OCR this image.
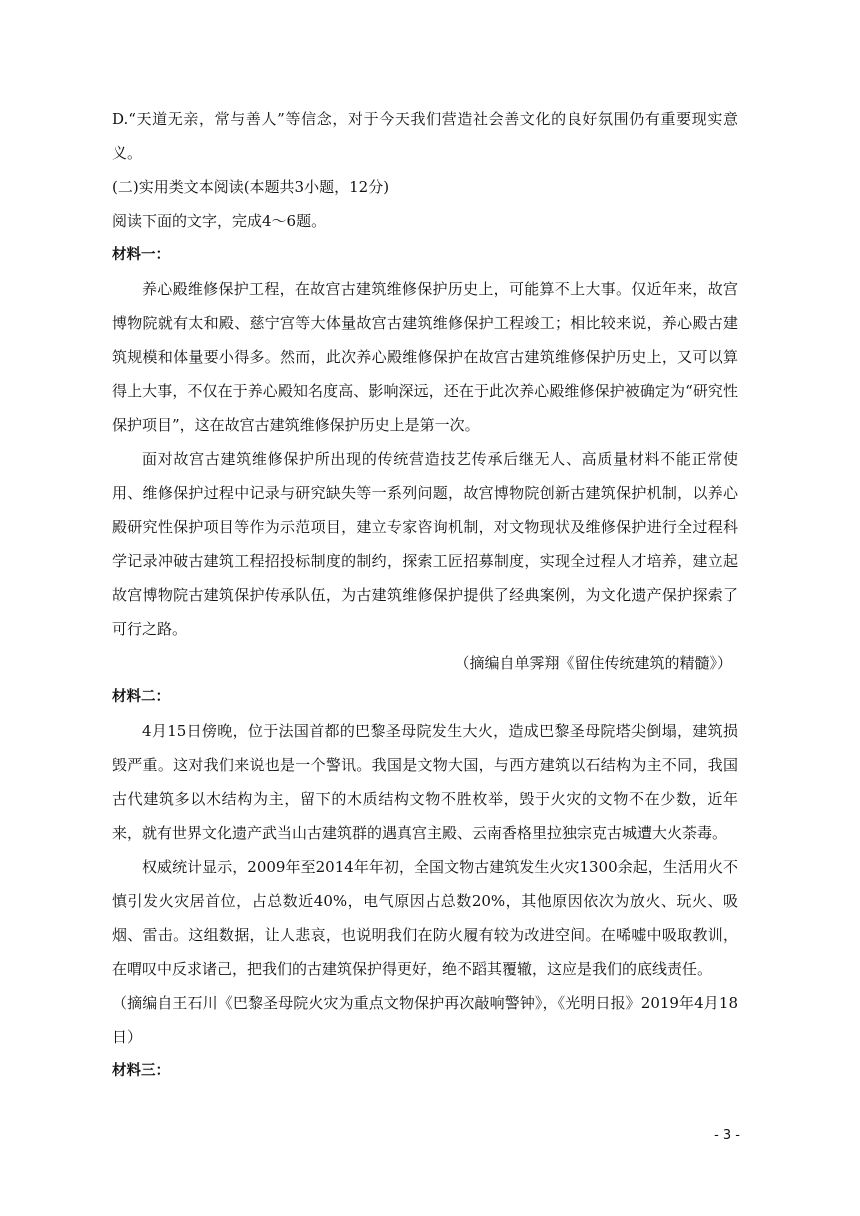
D.“天道无亲，常与善人”等信念，对于今天我们营造社会善文化的良好氛围仍有重要现实意义。

(二)实用类文本阅读(本题共3小题，12分)

阅读下面的文字，完成4～6题。

材料一：

养心殿维修保护工程，在故宫古建筑维修保护历史上，可能算不上大事。仅近年来，故宫博物院就有太和殿、慈宁宫等大体量故宫古建筑维修保护工程竣工；相比较来说，养心殿古建筑规模和体量要小得多。然而，此次养心殿维修保护在故宫古建筑维修保护历史上，又可以算得上大事，不仅在于养心殿知名度高、影响深远，还在于此次养心殿维修保护被确定为“研究性保护项目”，这在故宫古建筑维修保护历史上是第一次。

面对故宫古建筑维修保护所出现的传统营造技艺传承后继无人、高质量材料不能正常使用、维修保护过程中记录与研究缺失等一系列问题，故宫博物院创新古建筑保护机制，以养心殿研究性保护项目等作为示范项目，建立专家咨询机制，对文物现状及维修保护进行全过程科学记录冲破古建筑工程招投标制度的制约，探索工匠招募制度，实现全过程人才培养，建立起故宫博物院古建筑保护传承队伍，为古建筑维修保护提供了经典案例，为文化遗产保护探索了可行之路。

（摘编自单霁翔《留住传统建筑的精髓》）

材料二：

4月15日傍晚，位于法国首都的巴黎圣母院发生大火，造成巴黎圣母院塔尖倒塌，建筑损毁严重。这对我们来说也是一个警讯。我国是文物大国，与西方建筑以石结构为主不同，我国古代建筑多以木结构为主，留下的木质结构文物不胜枚举，毁于火灾的文物不在少数，近年来，就有世界文化遗产武当山古建筑群的遇真宫主殿、云南香格里拉独宗克古城遭大火荼毒。

权威统计显示，2009年至2014年年初，全国文物古建筑发生火灾1300余起，生活用火不慎引发火灾居首位，占总数近40%，电气原因占总数20%，其他原因依次为放火、玩火、吸烟、雷击。这组数据，让人悲哀，也说明我们在防火履有较为改进空间。在唏嘘中吸取教训，在喟叹中反求诸己，把我们的古建筑保护得更好，绝不蹈其覆辙，这应是我们的底线责任。

（摘编自王石川《巴黎圣母院火灾为重点文物保护再次敲响警钟》，《光明日报》2019年4月18日）

材料三：

- 3 -
